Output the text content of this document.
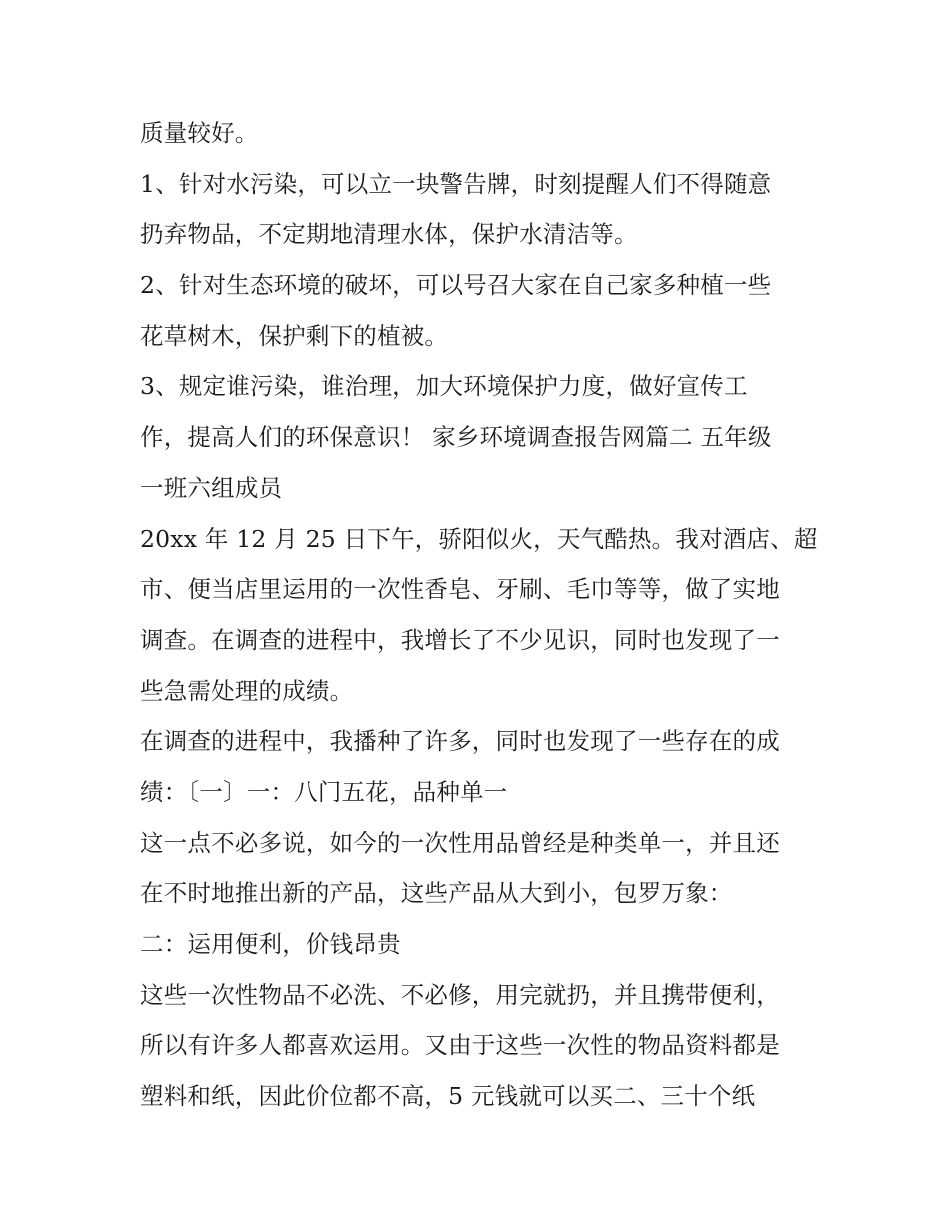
质量较好。
1、针对水污染，可以立一块警告牌，时刻提醒人们不得随意
扔弃物品，不定期地清理水体，保护水清洁等。
2、针对生态环境的破坏，可以号召大家在自己家多种植一些
花草树木，保护剩下的植被。
3、规定谁污染，谁治理，加大环境保护力度，做好宣传工
作，提高人们的环保意识！ 家乡环境调查报告网篇二 五年级
一班六组成员
20xx 年 12 月 25 日下午，骄阳似火，天气酷热。我对酒店、超
市、便当店里运用的一次性香皂、牙刷、毛巾等等，做了实地
调查。在调查的进程中，我增长了不少见识，同时也发现了一
些急需处理的成绩。
在调查的进程中，我播种了许多，同时也发现了一些存在的成
绩：〔一〕一：八门五花，品种单一
这一点不必多说，如今的一次性用品曾经是种类单一，并且还
在不时地推出新的产品，这些产品从大到小，包罗万象：
二：运用便利，价钱昂贵
这些一次性物品不必洗、不必修，用完就扔，并且携带便利，
所以有许多人都喜欢运用。又由于这些一次性的物品资料都是
塑料和纸，因此价位都不高，5 元钱就可以买二、三十个纸
